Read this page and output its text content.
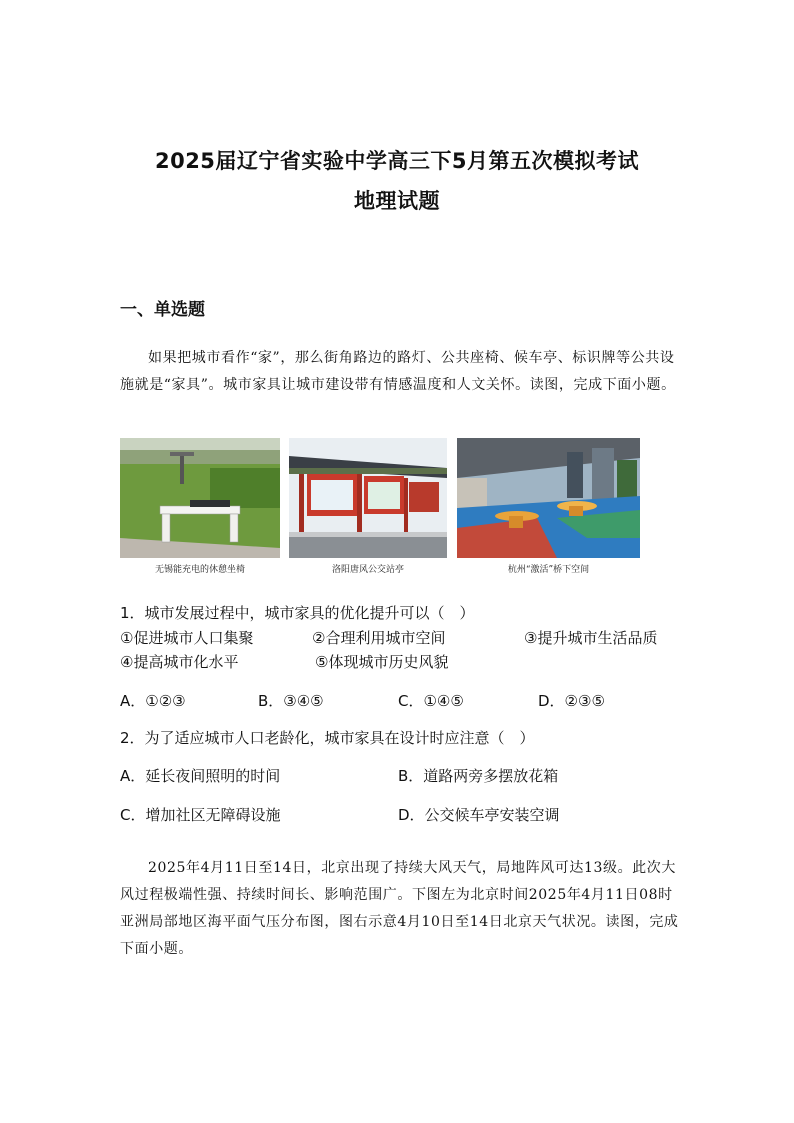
2025届辽宁省实验中学高三下5月第五次模拟考试
地理试题
一、单选题
如果把城市看作“家”，那么街角路边的路灯、公共座椅、候车亭、标识牌等公共设施就是“家具”。城市家具让城市建设带有情感温度和人文关怀。读图，完成下面小题。
无锡能充电的休憩坐椅	洛阳唐风公交站亭	杭州“激活”桥下空间
1．城市发展过程中，城市家具的优化提升可以（　）
①促进城市人口集聚	②合理利用城市空间	③提升城市生活品质
④提高城市化水平	⑤体现城市历史风貌
A．①②③	B．③④⑤	C．①④⑤	D．②③⑤
2．为了适应城市人口老龄化，城市家具在设计时应注意（　）
A．延长夜间照明的时间	B．道路两旁多摆放花箱
C．增加社区无障碍设施	D．公交候车亭安装空调
2025年4月11日至14日，北京出现了持续大风天气，局地阵风可达13级。此次大风过程极端性强、持续时间长、影响范围广。下图左为北京时间2025年4月11日08时亚洲局部地区海平面气压分布图，图右示意4月10日至14日北京天气状况。读图，完成下面小题。
